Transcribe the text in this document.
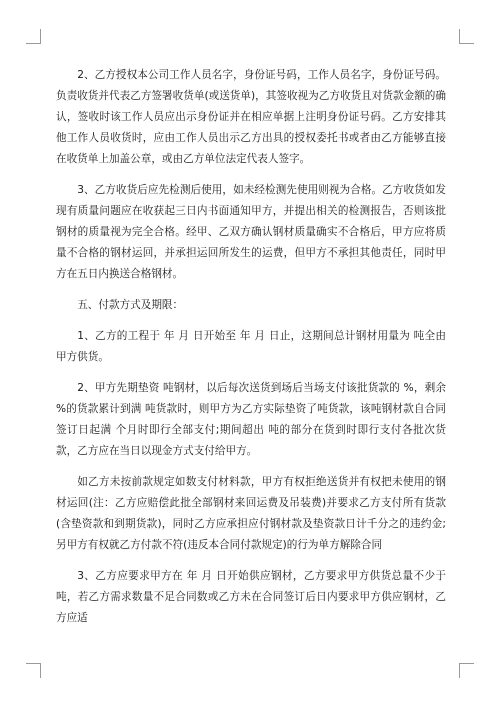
2、乙方授权本公司工作人员名字，身份证号码，工作人员名字，身份证号码。负责收货并代表乙方签署收货单(或送货单)，其签收视为乙方收货且对货款金额的确认，签收时该工作人员应出示身份证并在相应单据上注明身份证号码。乙方安排其他工作人员收货时，应由工作人员出示乙方出具的授权委托书或者由乙方能够直接在收货单上加盖公章，或由乙方单位法定代表人签字。

3、乙方收货后应先检测后使用，如未经检测先使用则视为合格。乙方收货如发现有质量问题应在收获起三日内书面通知甲方，并提出相关的检测报告，否则该批钢材的质量视为完全合格。经甲、乙双方确认钢材质量确实不合格后，甲方应将质量不合格的钢材运回，并承担运回所发生的运费，但甲方不承担其他责任，同时甲方在五日内换送合格钢材。

五、付款方式及期限：

1、乙方的工程于 年 月 日开始至 年 月 日止，这期间总计钢材用量为 吨全由甲方供货。

2、甲方先期垫资 吨钢材，以后每次送货到场后当场支付该批货款的 %，剩余 %的货款累计到满 吨货款时，则甲方为乙方实际垫资了吨货款，该吨钢材款自合同签订日起满 个月时即行全部支付;期间超出 吨的部分在货到时即行支付各批次货款，乙方应在当日以现金方式支付给甲方。

如乙方未按前款规定如数支付材料款，甲方有权拒绝送货并有权把未使用的钢材运回(注：乙方应赔偿此批全部钢材来回运费及吊装费)并要求乙方支付所有货款(含垫资款和到期货款)，同时乙方应承担应付钢材款及垫资款日计千分之的违约金;另甲方有权就乙方付款不符(违反本合同付款规定)的行为单方解除合同

3、乙方应要求甲方在 年 月 日开始供应钢材，乙方要求甲方供货总量不少于 吨，若乙方需求数量不足合同数或乙方未在合同签订后日内要求甲方供应钢材，乙方应适
